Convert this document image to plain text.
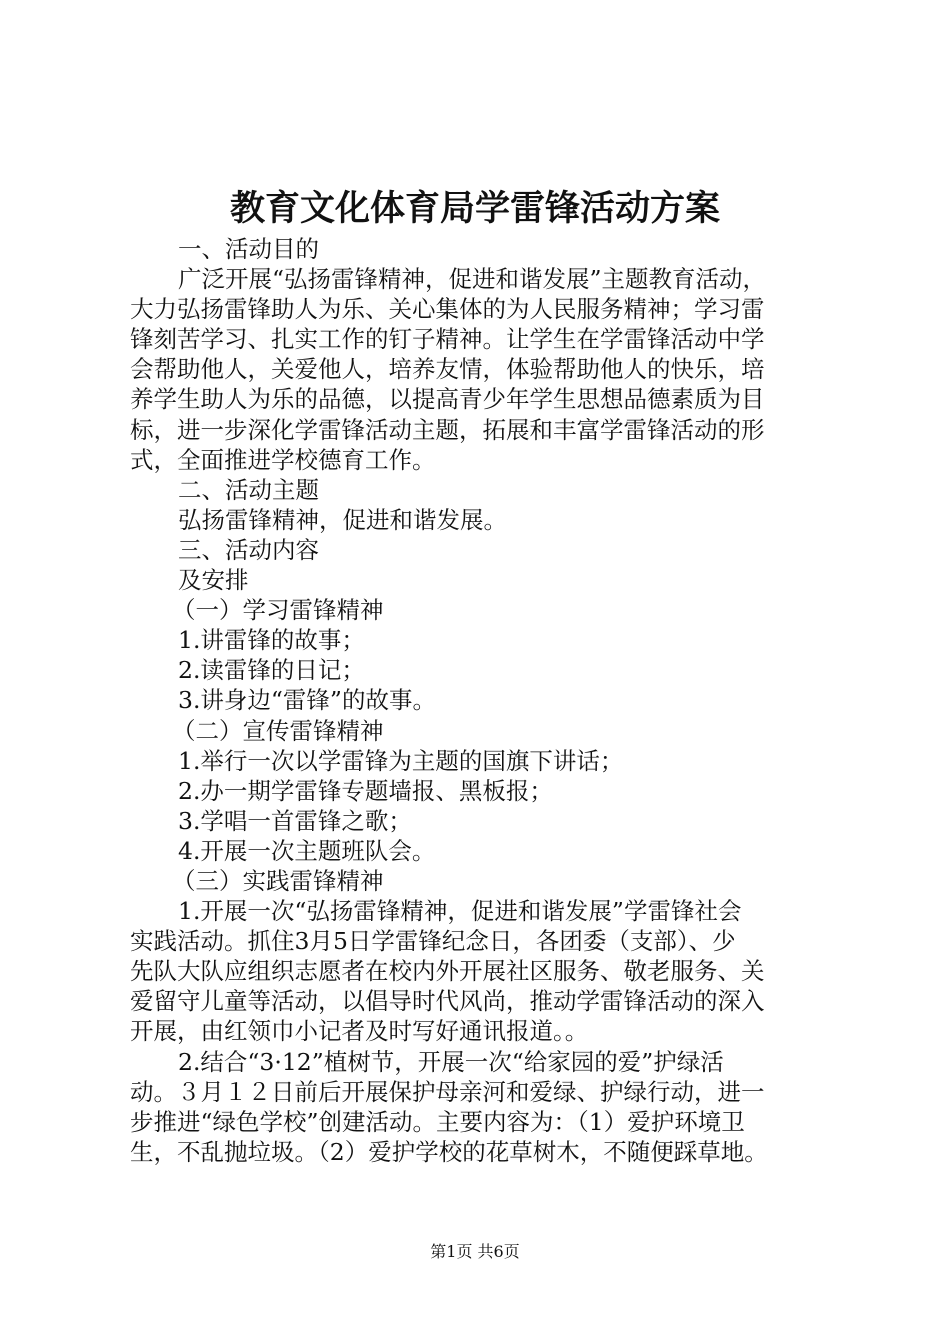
教育文化体育局学雷锋活动方案
一、活动目的
广泛开展“弘扬雷锋精神，促进和谐发展”主题教育活动，
大力弘扬雷锋助人为乐、关心集体的为人民服务精神；学习雷
锋刻苦学习、扎实工作的钉子精神。让学生在学雷锋活动中学
会帮助他人，关爱他人，培养友情，体验帮助他人的快乐，培
养学生助人为乐的品德，以提高青少年学生思想品德素质为目
标，进一步深化学雷锋活动主题，拓展和丰富学雷锋活动的形
式，全面推进学校德育工作。
二、活动主题
弘扬雷锋精神，促进和谐发展。
三、活动内容
及安排
（一）学习雷锋精神
1.讲雷锋的故事；
2.读雷锋的日记；
3.讲身边“雷锋”的故事。
（二）宣传雷锋精神
1.举行一次以学雷锋为主题的国旗下讲话；
2.办一期学雷锋专题墙报、黑板报；
3.学唱一首雷锋之歌；
4.开展一次主题班队会。
（三）实践雷锋精神
1.开展一次“弘扬雷锋精神，促进和谐发展”学雷锋社会
实践活动。抓住3月5日学雷锋纪念日，各团委（支部）、少
先队大队应组织志愿者在校内外开展社区服务、敬老服务、关
爱留守儿童等活动，以倡导时代风尚，推动学雷锋活动的深入
开展，由红领巾小记者及时写好通讯报道。。
2.结合“3·12”植树节，开展一次“给家园的爱”护绿活
动。３月１２日前后开展保护母亲河和爱绿、护绿行动，进一
步推进“绿色学校”创建活动。主要内容为：（1）爱护环境卫
生，不乱抛垃圾。（2）爱护学校的花草树木，不随便踩草地。
第1页 共6页
